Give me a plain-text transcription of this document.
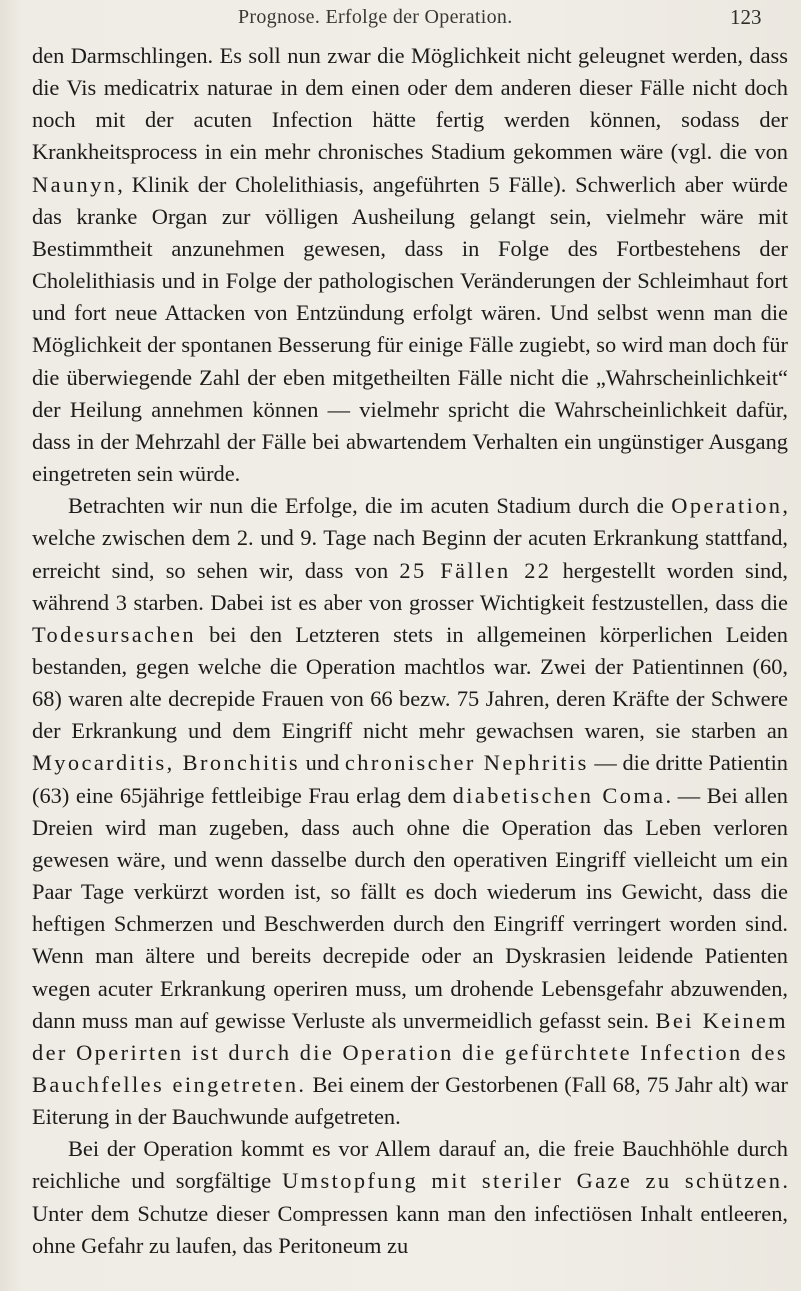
Prognose. Erfolge der Operation.	123

den Darmschlingen. Es soll nun zwar die Möglichkeit nicht geleugnet werden, dass die Vis medicatrix naturae in dem einen oder dem anderen dieser Fälle nicht doch noch mit der acuten Infection hätte fertig werden können, sodass der Krankheitsprocess in ein mehr chronisches Stadium gekommen wäre (vgl. die von Naunyn, Klinik der Cholelithiasis, angeführten 5 Fälle). Schwerlich aber würde das kranke Organ zur völligen Ausheilung gelangt sein, vielmehr wäre mit Bestimmtheit anzunehmen gewesen, dass in Folge des Fortbestehens der Cholelithiasis und in Folge der pathologischen Veränderungen der Schleimhaut fort und fort neue Attacken von Entzündung erfolgt wären. Und selbst wenn man die Möglichkeit der spontanen Besserung für einige Fälle zugiebt, so wird man doch für die überwiegende Zahl der eben mitgetheilten Fälle nicht die „Wahrscheinlichkeit“ der Heilung annehmen können — vielmehr spricht die Wahrscheinlichkeit dafür, dass in der Mehrzahl der Fälle bei abwartendem Verhalten ein ungünstiger Ausgang eingetreten sein würde.

Betrachten wir nun die Erfolge, die im acuten Stadium durch die Operation, welche zwischen dem 2. und 9. Tage nach Beginn der acuten Erkrankung stattfand, erreicht sind, so sehen wir, dass von 25 Fällen 22 hergestellt worden sind, während 3 starben. Dabei ist es aber von grosser Wichtigkeit festzustellen, dass die Todesursachen bei den Letzteren stets in allgemeinen körperlichen Leiden bestanden, gegen welche die Operation machtlos war. Zwei der Patientinnen (60, 68) waren alte decrepide Frauen von 66 bezw. 75 Jahren, deren Kräfte der Schwere der Erkrankung und dem Eingriff nicht mehr gewachsen waren, sie starben an Myocarditis, Bronchitis und chronischer Nephritis — die dritte Patientin (63) eine 65jährige fettleibige Frau erlag dem diabetischen Coma. — Bei allen Dreien wird man zugeben, dass auch ohne die Operation das Leben verloren gewesen wäre, und wenn dasselbe durch den operativen Eingriff vielleicht um ein Paar Tage verkürzt worden ist, so fällt es doch wiederum ins Gewicht, dass die heftigen Schmerzen und Beschwerden durch den Eingriff verringert worden sind. Wenn man ältere und bereits decrepide oder an Dyskrasien leidende Patienten wegen acuter Erkrankung operiren muss, um drohende Lebensgefahr abzuwenden, dann muss man auf gewisse Verluste als unvermeidlich gefasst sein. Bei Keinem der Operirten ist durch die Operation die gefürchtete Infection des Bauchfelles eingetreten. Bei einem der Gestorbenen (Fall 68, 75 Jahr alt) war Eiterung in der Bauchwunde aufgetreten.

Bei der Operation kommt es vor Allem darauf an, die freie Bauchhöhle durch reichliche und sorgfältige Umstopfung mit steriler Gaze zu schützen. Unter dem Schutze dieser Compressen kann man den infectiösen Inhalt entleeren, ohne Gefahr zu laufen, das Peritoneum zu
